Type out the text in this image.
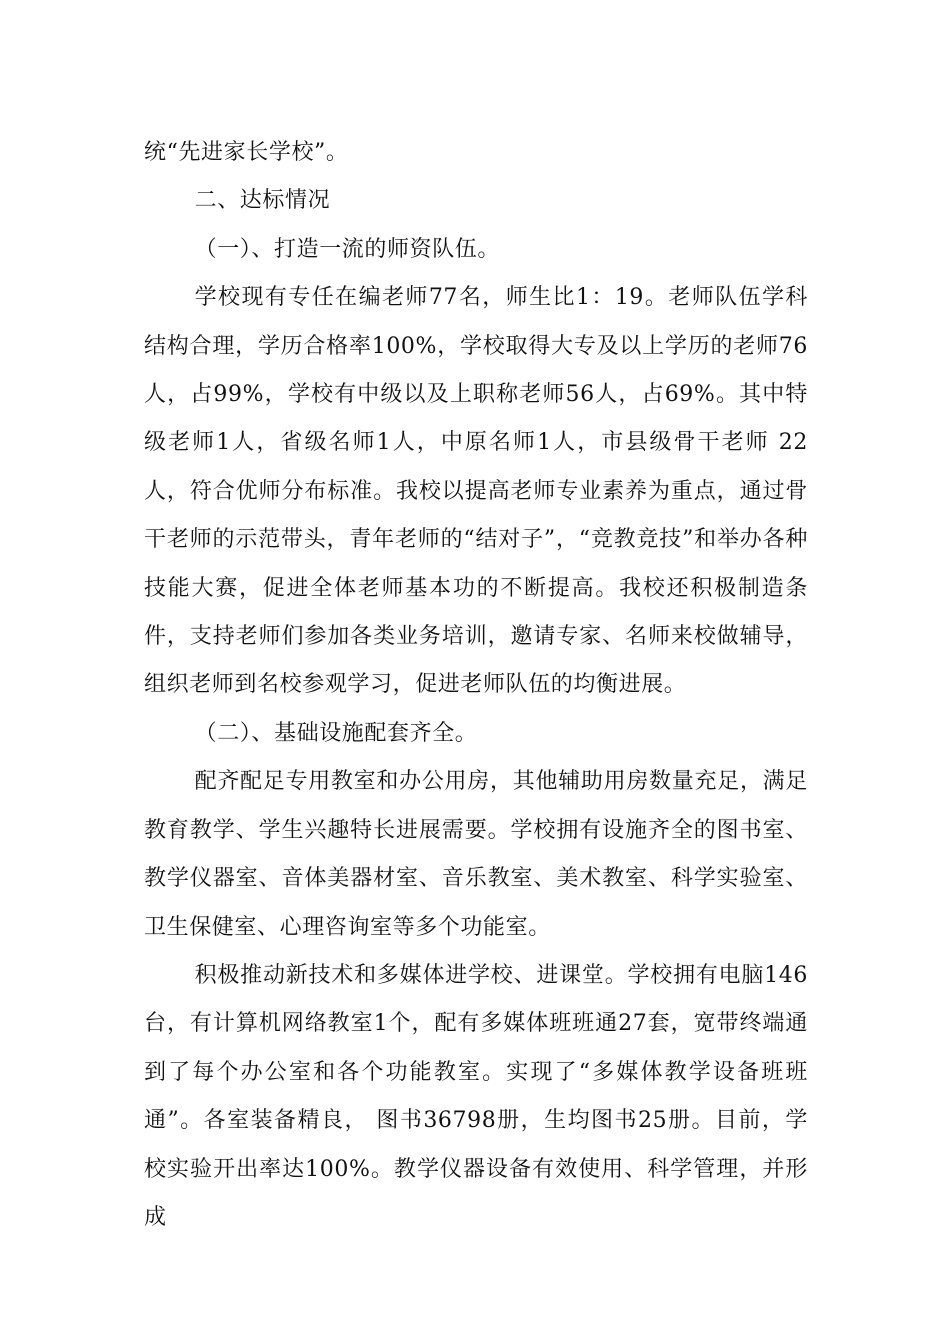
统“先进家长学校”。

二、达标情况

（一）、打造一流的师资队伍。

学校现有专任在编老师77名，师生比1：19。老师队伍学科结构合理，学历合格率100%，学校取得大专及以上学历的老师76人，占99%，学校有中级以及上职称老师56人，占69%。其中特级老师1人，省级名师1人，中原名师1人，市县级骨干老师 22 人，符合优师分布标准。我校以提高老师专业素养为重点，通过骨干老师的示范带头，青年老师的“结对子”，“竞教竞技”和举办各种技能大赛，促进全体老师基本功的不断提高。我校还积极制造条件，支持老师们参加各类业务培训，邀请专家、名师来校做辅导，组织老师到名校参观学习，促进老师队伍的均衡进展。

（二）、基础设施配套齐全。

配齐配足专用教室和办公用房，其他辅助用房数量充足，满足教育教学、学生兴趣特长进展需要。学校拥有设施齐全的图书室、教学仪器室、音体美器材室、音乐教室、美术教室、科学实验室、卫生保健室、心理咨询室等多个功能室。

积极推动新技术和多媒体进学校、进课堂。学校拥有电脑146台，有计算机网络教室1个，配有多媒体班班通27套，宽带终端通到了每个办公室和各个功能教室。实现了“多媒体教学设备班班通”。各室装备精良， 图书36798册，生均图书25册。目前，学校实验开出率达100%。教学仪器设备有效使用、科学管理，并形成
